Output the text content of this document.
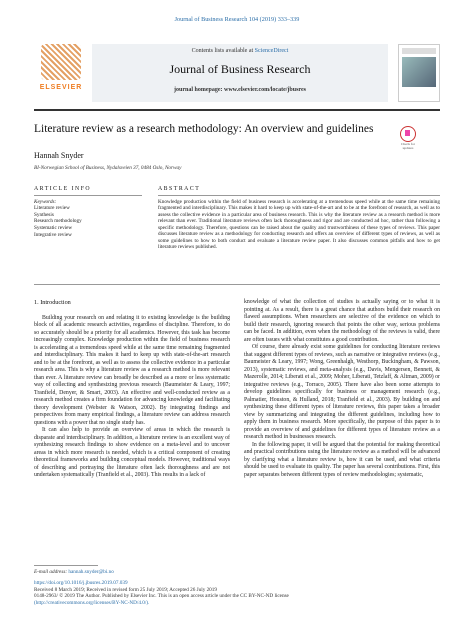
Journal of Business Research 104 (2019) 333–339
ELSEVIER
Contents lists available at ScienceDirect
Journal of Business Research
journal homepage: www.elsevier.com/locate/jbusres
Literature review as a research methodology: An overview and guidelines
Check for updates
Hannah Snyder
BI-Norwegian School of Business, Nydalsveien 37, 0484 Oslo, Norway
ARTICLE INFO
Keywords:
Literature review
Synthesis
Research methodology
Systematic review
Integrative review
ABSTRACT
Knowledge production within the field of business research is accelerating at a tremendous speed while at the same time remaining fragmented and interdisciplinary. This makes it hard to keep up with state-of-the-art and to be at the forefront of research, as well as to assess the collective evidence in a particular area of business research. This is why the literature review as a research method is more relevant than ever. Traditional literature reviews often lack thoroughness and rigor and are conducted ad hoc, rather than following a specific methodology. Therefore, questions can be raised about the quality and trustworthiness of these types of reviews. This paper discusses literature review as a methodology for conducting research and offers an overview of different types of reviews, as well as some guidelines to how to both conduct and evaluate a literature review paper. It also discusses common pitfalls and how to get literature reviews published.
1. Introduction

Building your research on and relating it to existing knowledge is the building block of all academic research activities, regardless of discipline. Therefore, to do so accurately should be a priority for all academics. However, this task has become increasingly complex. Knowledge production within the field of business research is accelerating at a tremendous speed while at the same time remaining fragmented and interdisciplinary. This makes it hard to keep up with state-of-the-art research and to be at the forefront, as well as to assess the collective evidence in a particular research area. This is why a literature review as a research method is more relevant than ever. A literature review can broadly be described as a more or less systematic way of collecting and synthesizing previous research (Baumeister & Leary, 1997; Tranfield, Denyer, & Smart, 2003). An effective and well-conducted review as a research method creates a firm foundation for advancing knowledge and facilitating theory development (Webster & Watson, 2002). By integrating findings and perspectives from many empirical findings, a literature review can address research questions with a power that no single study has.

It can also help to provide an overview of areas in which the research is disparate and interdisciplinary. In addition, a literature review is an excellent way of synthesizing research findings to show evidence on a meta-level and to uncover areas in which more research is needed, which is a critical component of creating theoretical frameworks and building conceptual models. However, traditional ways of describing and portraying the literature often lack thoroughness and are not undertaken systematically (Tranfield et al., 2003). This results in a lack of

knowledge of what the collection of studies is actually saying or to what it is pointing at. As a result, there is a great chance that authors build their research on flawed assumptions. When researchers are selective of the evidence on which to build their research, ignoring research that points the other way, serious problems can be faced. In addition, even when the methodology of the reviews is valid, there are often issues with what constitutes a good contribution.

Of course, there already exist some guidelines for conducting literature reviews that suggest different types of reviews, such as narrative or integrative reviews (e.g., Baumeister & Leary, 1997; Wong, Greenhalgh, Westhorp, Buckingham, & Pawson, 2013), systematic reviews, and meta-analysis (e.g., Davis, Mengersen, Bennett, & Mazerolle, 2014; Liberati et al., 2009; Moher, Liberati, Tetzlaff, & Altman, 2009) or integrative reviews (e.g., Torraco, 2005). There have also been some attempts to develop guidelines specifically for business or management research (e.g., Palmatier, Houston, & Hulland, 2018; Tranfield et al., 2003). By building on and synthesizing these different types of literature reviews, this paper takes a broader view by summarizing and integrating the different guidelines, including how to apply them in business research. More specifically, the purpose of this paper is to provide an overview of and guidelines for different types of literature review as a research method in businesses research.

In the following paper, it will be argued that the potential for making theoretical and practical contributions using the literature review as a method will be advanced by clarifying what a literature review is, how it can be used, and what criteria should be used to evaluate its quality. The paper has several contributions. First, this paper separates between different types of review methodologies; systematic,

E-mail address: hannah.snyder@bi.no
https://doi.org/10.1016/j.jbusres.2019.07.039
Received 8 March 2019; Received in revised form 25 July 2019; Accepted 26 July 2019
0148-2963/ © 2019 The Author. Published by Elsevier Inc. This is an open access article under the CC BY-NC-ND license
(http://creativecommons.org/licenses/BY-NC-ND/4.0/).
